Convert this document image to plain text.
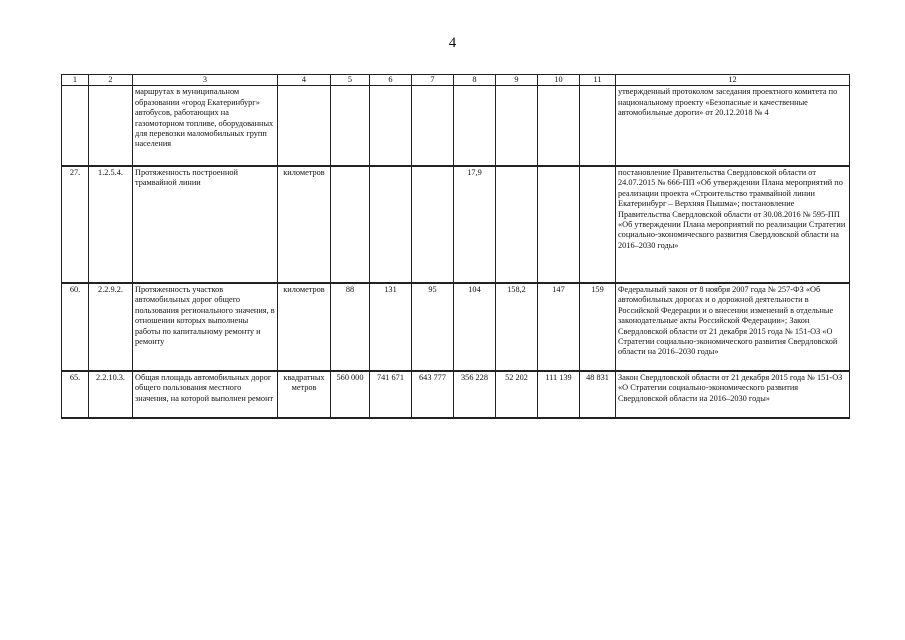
4
1	2	3	4	5	6	7	8	9	10	11	12
		маршрутах в муниципальном образовании «город Екатеринбург» автобусов, работающих на газомоторном топливе, оборудованных для перевозки маломобильных групп населения									утвержденный протоколом заседания проектного комитета по национальному проекту «Безопасные и качественные автомобильные дороги» от 20.12.2018 № 4
27.	1.2.5.4.	Протяженность построенной трамвайной линии	километров				17,9				постановление Правительства Свердловской области от 24.07.2015 № 666-ПП «Об утверждении Плана мероприятий по реализации проекта «Строительство трамвайной линии Екатеринбург – Верхняя Пышма»; постановление Правительства Свердловской области от 30.08.2016 № 595-ПП «Об утверждении Плана мероприятий по реализации Стратегии социально-экономического развития Свердловской области на 2016–2030 годы»
60.	2.2.9.2.	Протяженность участков автомобильных дорог общего пользования регионального значения, в отношении которых выполнены работы по капитальному ремонту и ремонту	километров	88	131	95	104	158,2	147	159	Федеральный закон от 8 ноября 2007 года № 257-ФЗ «Об автомобильных дорогах и о дорожной деятельности в Российской Федерации и о внесении изменений в отдельные законодательные акты Российской Федерации»; Закон Свердловской области от 21 декабря 2015 года № 151-ОЗ «О Стратегии социально-экономического развития Свердловской области на 2016–2030 годы»
65.	2.2.10.3.	Общая площадь автомобильных дорог общего пользования местного значения, на которой выполнен ремонт	квадратных метров	560 000	741 671	643 777	356 228	52 202	111 139	48 831	Закон Свердловской области от 21 декабря 2015 года № 151-ОЗ «О Стратегии социально-экономического развития Свердловской области на 2016–2030 годы»
